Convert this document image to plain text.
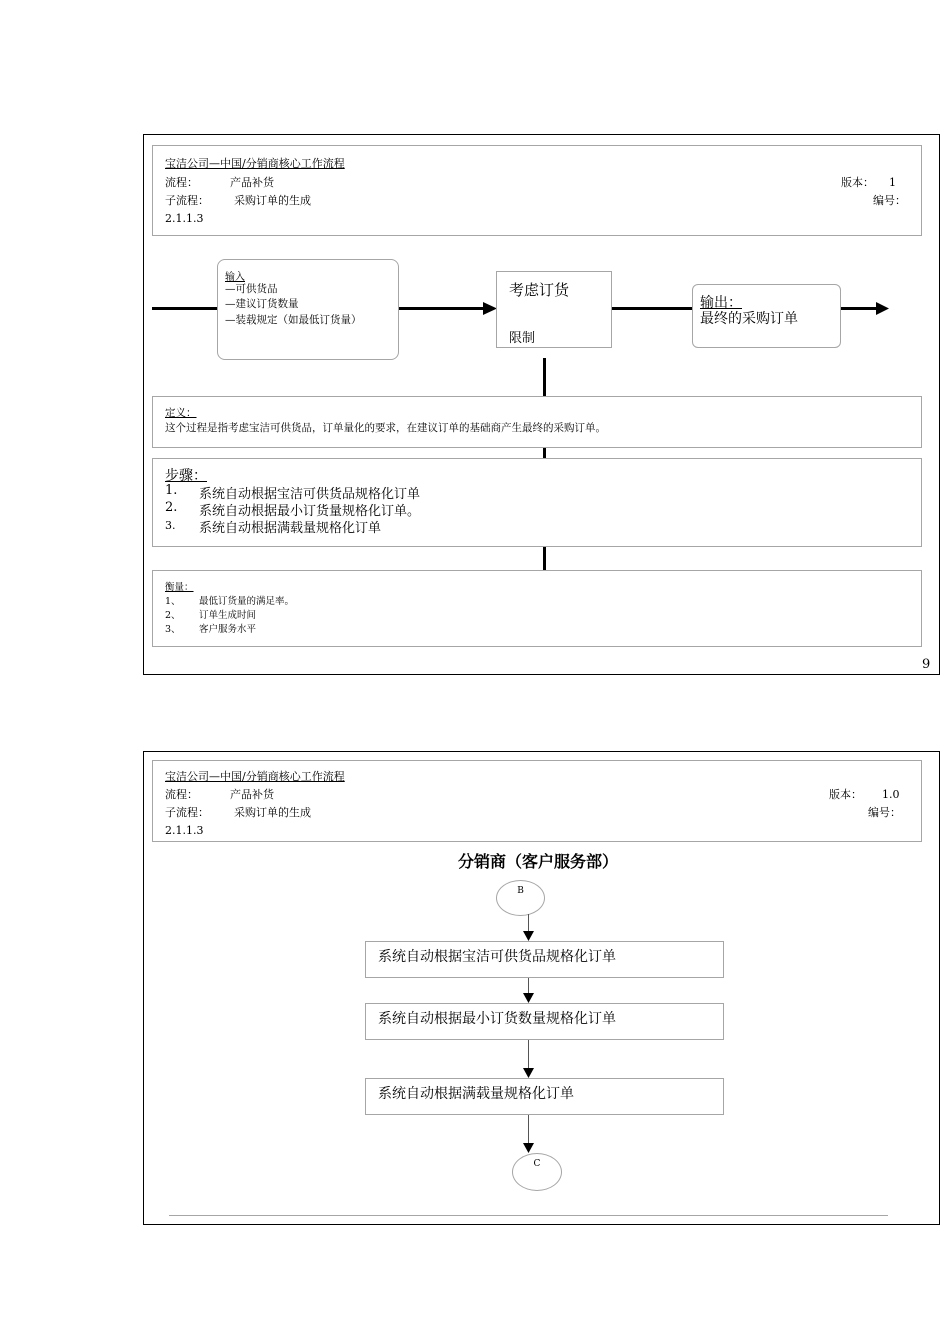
宝洁公司—中国/分销商核心工作流程
流程：	产品补货
子流程： 采购订单的生成
2.1.1.3
版本： 1
编号：
输入
—可供货品
—建议订货数量
—装载规定（如最低订货量）
考虑订货
限制
输出：
最终的采购订单
定义：
这个过程是指考虑宝洁可供货品，订单量化的要求，在建议订单的基础商产生最终的采购订单。
步骤：
1. 系统自动根据宝洁可供货品规格化订单
2. 系统自动根据最小订货量规格化订单。
3. 系统自动根据满载量规格化订单
衡量：
1、 最低订货量的满足率。
2、 订单生成时间
3、 客户服务水平
9
宝洁公司—中国/分销商核心工作流程
流程：	产品补货
子流程： 采购订单的生成
2.1.1.3
版本： 1.0
编号：
分销商（客户服务部）
B
系统自动根据宝洁可供货品规格化订单
系统自动根据最小订货数量规格化订单
系统自动根据满载量规格化订单
C
